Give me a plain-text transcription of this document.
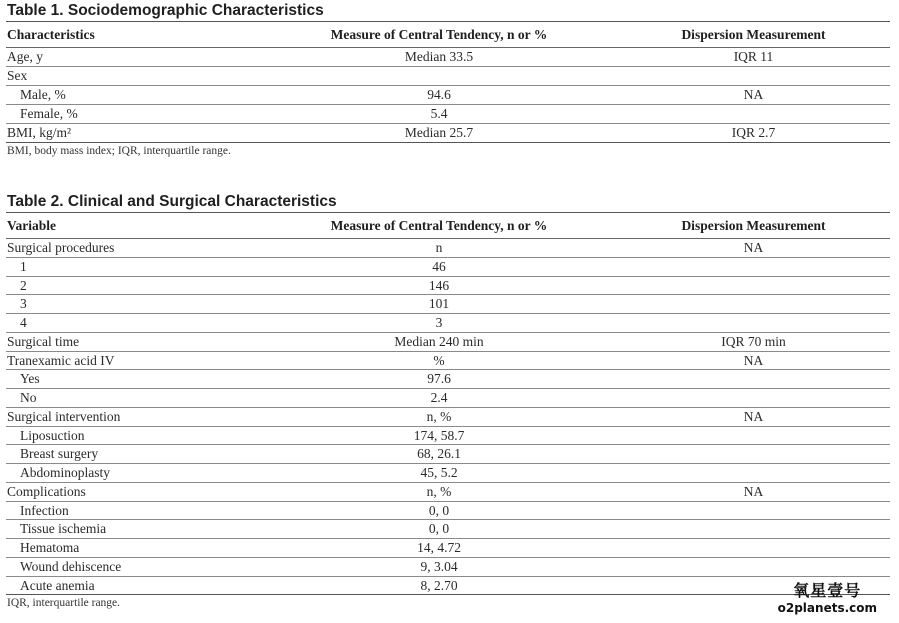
Table 1. Sociodemographic Characteristics
Characteristics	Measure of Central Tendency, n or %	Dispersion Measurement
Age, y	Median 33.5	IQR 11
Sex		
Male, %	94.6	NA
Female, %	5.4	
BMI, kg/m²	Median 25.7	IQR 2.7
BMI, body mass index; IQR, interquartile range.
Table 2. Clinical and Surgical Characteristics
Variable	Measure of Central Tendency, n or %	Dispersion Measurement
Surgical procedures	n	NA
1	46	
2	146	
3	101	
4	3	
Surgical time	Median 240 min	IQR 70 min
Tranexamic acid IV	%	NA
Yes	97.6	
No	2.4	
Surgical intervention	n, %	NA
Liposuction	174, 58.7	
Breast surgery	68, 26.1	
Abdominoplasty	45, 5.2	
Complications	n, %	NA
Infection	0, 0	
Tissue ischemia	0, 0	
Hematoma	14, 4.72	
Wound dehiscence	9, 3.04	
Acute anemia	8, 2.70	
IQR, interquartile range.
氧星壹号
o2planets.com
